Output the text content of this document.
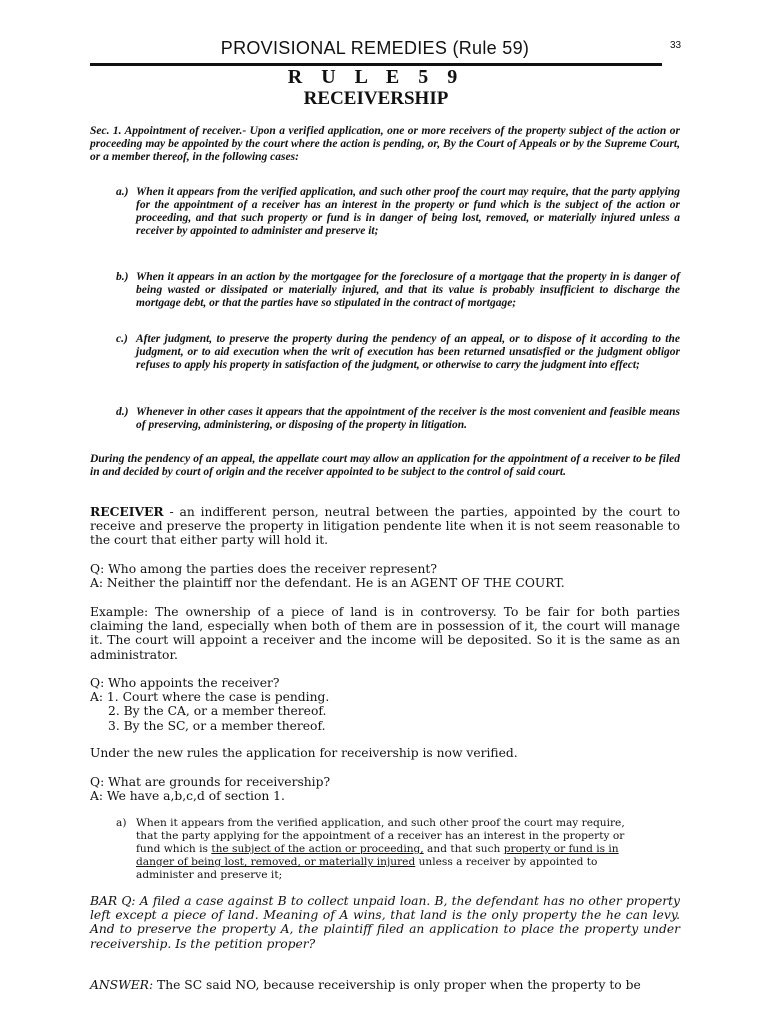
PROVISIONAL REMEDIES (Rule 59)	33
R U L E 5 9
RECEIVERSHIP

Sec. 1. Appointment of receiver.- Upon a verified application, one or more receivers of the property subject of the action or proceeding may be appointed by the court where the action is pending, or, By the Court of Appeals or by the Supreme Court, or a member thereof, in the following cases:

a.) When it appears from the verified application, and such other proof the court may require, that the party applying for the appointment of a receiver has an interest in the property or fund which is the subject of the action or proceeding, and that such property or fund is in danger of being lost, removed, or materially injured unless a receiver by appointed to administer and preserve it;
b.) When it appears in an action by the mortgagee for the foreclosure of a mortgage that the property in is danger of being wasted or dissipated or materially injured, and that its value is probably insufficient to discharge the mortgage debt, or that the parties have so stipulated in the contract of mortgage;
c.) After judgment, to preserve the property during the pendency of an appeal, or to dispose of it according to the judgment, or to aid execution when the writ of execution has been returned unsatisfied or the judgment obligor refuses to apply his property in satisfaction of the judgment, or otherwise to carry the judgment into effect;
d.) Whenever in other cases it appears that the appointment of the receiver is the most convenient and feasible means of preserving, administering, or disposing of the property in litigation.

During the pendency of an appeal, the appellate court may allow an application for the appointment of a receiver to be filed in and decided by court of origin and the receiver appointed to be subject to the control of said court.

RECEIVER - an indifferent person, neutral between the parties, appointed by the court to receive and preserve the property in litigation pendente lite when it is not seem reasonable to the court that either party will hold it.

Q: Who among the parties does the receiver represent?
A: Neither the plaintiff nor the defendant. He is an AGENT OF THE COURT.

Example: The ownership of a piece of land is in controversy. To be fair for both parties claiming the land, especially when both of them are in possession of it, the court will manage it. The court will appoint a receiver and the income will be deposited. So it is the same as an administrator.

Q: Who appoints the receiver?
A: 1. Court where the case is pending.
2. By the CA, or a member thereof.
3. By the SC, or a member thereof.

Under the new rules the application for receivership is now verified.

Q: What are grounds for receivership?
A: We have a,b,c,d of section 1.
a) When it appears from the verified application, and such other proof the court may require, that the party applying for the appointment of a receiver has an interest in the property or fund which is the subject of the action or proceeding, and that such property or fund is in danger of being lost, removed, or materially injured unless a receiver by appointed to administer and preserve it;

BAR Q: A filed a case against B to collect unpaid loan. B, the defendant has no other property left except a piece of land. Meaning of A wins, that land is the only property the he can levy. And to preserve the property A, the plaintiff filed an application to place the property under receivership. Is the petition proper?

ANSWER: The SC said NO, because receivership is only proper when the property to be
